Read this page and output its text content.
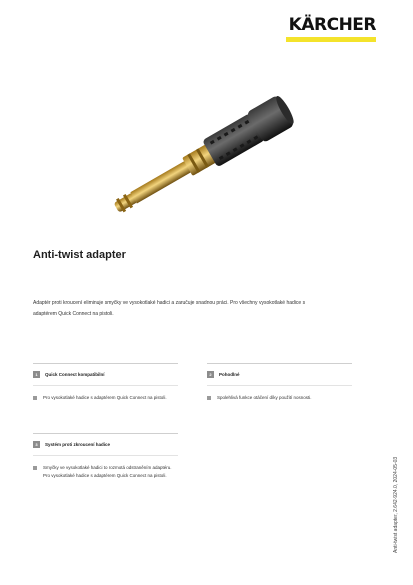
KÄRCHER
Anti-twist adapter

Adaptér proti kroucení eliminuje smyčky ve vysokotlaké hadici a zaručuje snadnou práci. Pro všechny vysokotlaké hadice s adaptérem Quick Connect na pistoli.

1	Quick Connect kompatibilní
Pro vysokotlaké hadice s adaptérem Quick Connect na pistoli.
2	Pohodlné
Spolehlivá funkce otáčení díky použití nosnosti.
3	Systém proti zkroucení hadice
Smyčky ve vysokotlaké hadici to rozmotá odstraněním adaptéru. Pro vysokotlaké hadice s adaptérem Quick Connect na pistoli.	Anti-twist adapter, 2.642-924.0, 2024-05-03
